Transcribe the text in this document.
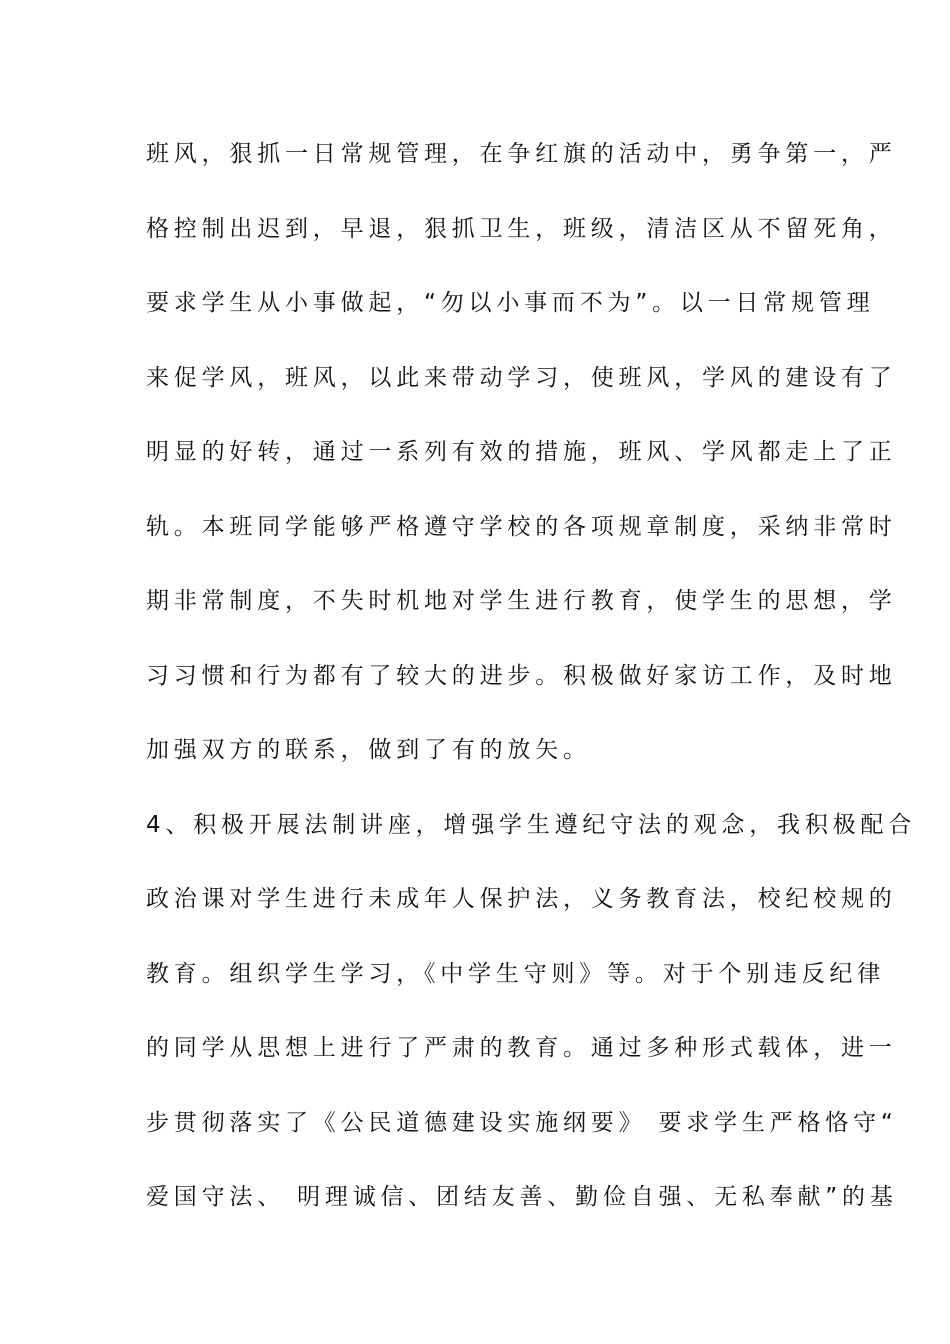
班风，狠抓一日常规管理，在争红旗的活动中，勇争第一，严
格控制出迟到，早退，狠抓卫生，班级，清洁区从不留死角，
要求学生从小事做起，“勿以小事而不为”。以一日常规管理
来促学风，班风，以此来带动学习，使班风，学风的建设有了
明显的好转，通过一系列有效的措施，班风、学风都走上了正
轨。本班同学能够严格遵守学校的各项规章制度，采纳非常时
期非常制度，不失时机地对学生进行教育，使学生的思想，学
习习惯和行为都有了较大的进步。积极做好家访工作，及时地
加强双方的联系，做到了有的放矢。
4、积极开展法制讲座，增强学生遵纪守法的观念，我积极配合
政治课对学生进行未成年人保护法，义务教育法，校纪校规的
教育。组织学生学习，《中学生守则》等。对于个别违反纪律
的同学从思想上进行了严肃的教育。通过多种形式载体，进一
步贯彻落实了《公民道德建设实施纲要》 要求学生严格恪守“
爱国守法、 明理诚信、团结友善、勤俭自强、无私奉献”的基
